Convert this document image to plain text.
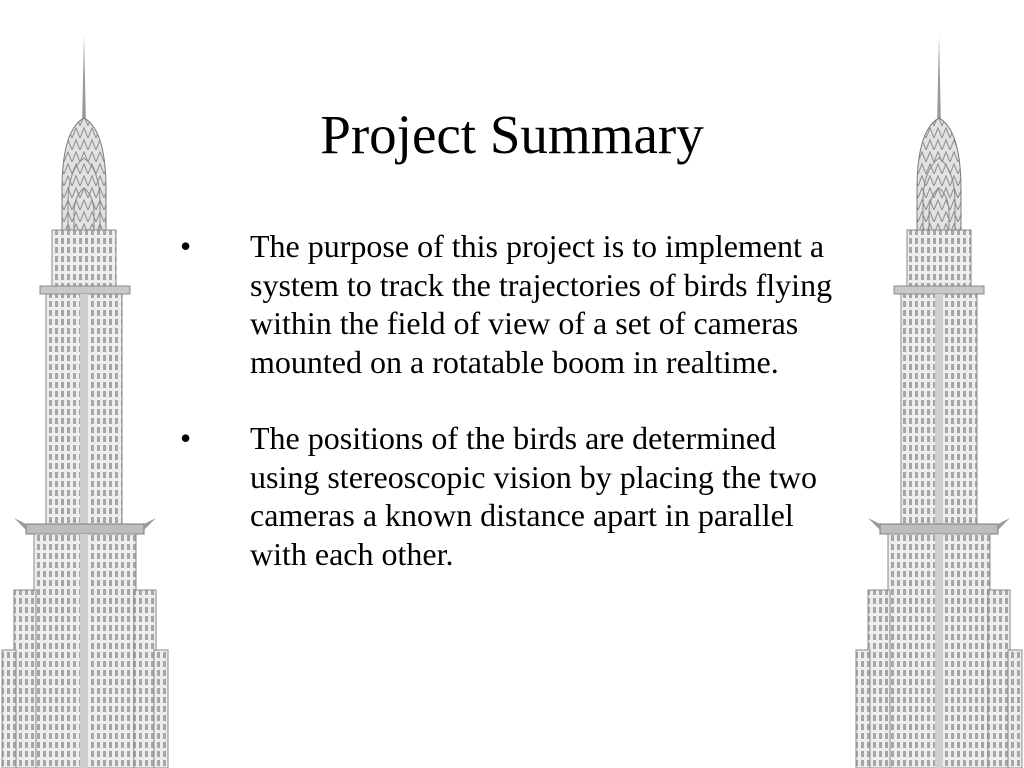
Project Summary
• The purpose of this project is to implement a system to track the trajectories of birds flying within the field of view of a set of cameras mounted on a rotatable boom in realtime.
• The positions of the birds are determined using stereoscopic vision by placing the two cameras a known distance apart in parallel with each other.
